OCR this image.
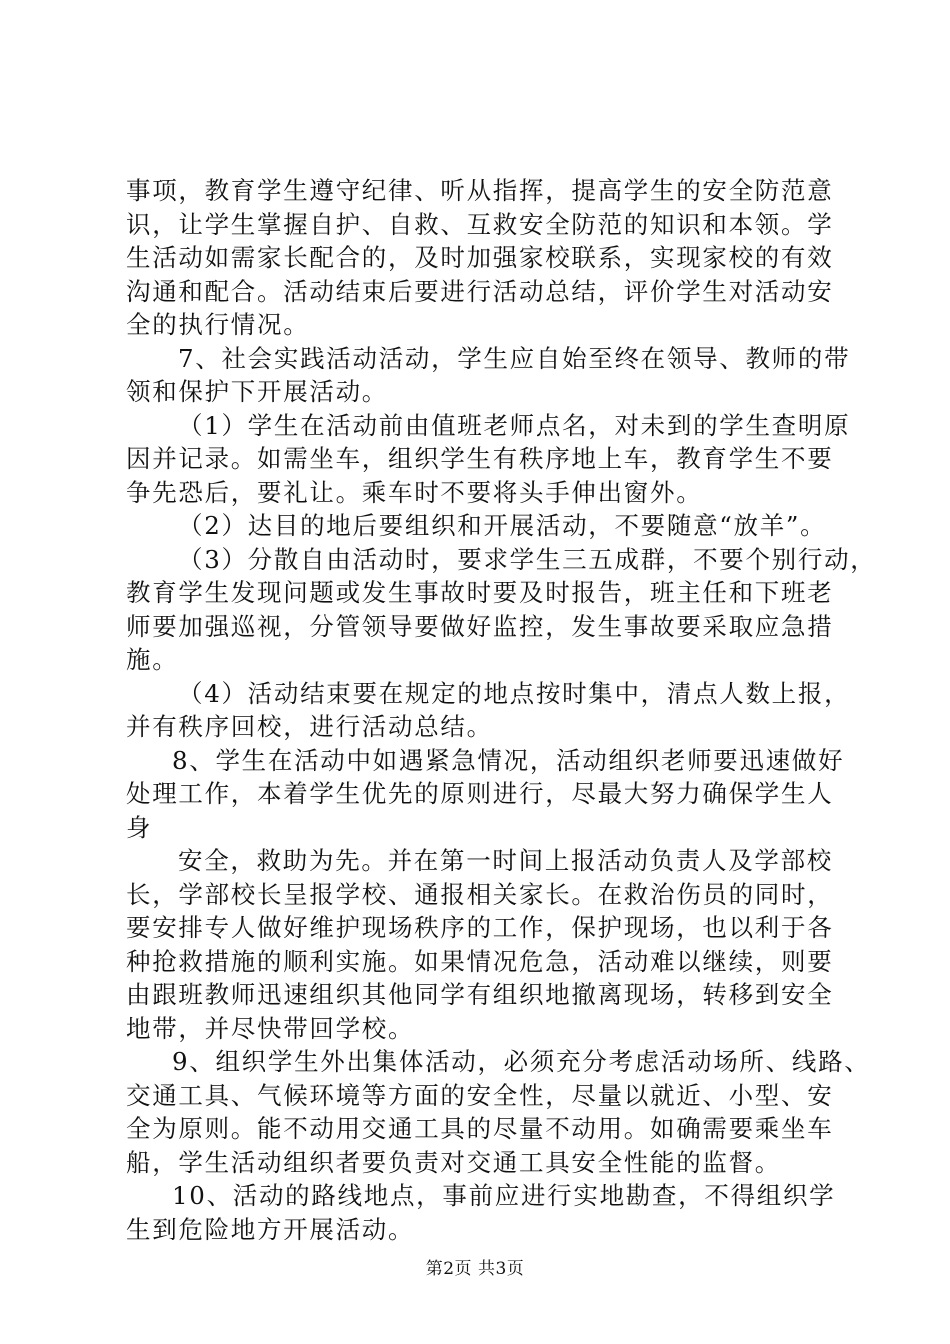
事项，教育学生遵守纪律、听从指挥，提高学生的安全防范意
识，让学生掌握自护、自救、互救安全防范的知识和本领。学
生活动如需家长配合的，及时加强家校联系，实现家校的有效
沟通和配合。活动结束后要进行活动总结，评价学生对活动安
全的执行情况。
7、社会实践活动活动，学生应自始至终在领导、教师的带
领和保护下开展活动。
（1）学生在活动前由值班老师点名，对未到的学生查明原
因并记录。如需坐车，组织学生有秩序地上车，教育学生不要
争先恐后，要礼让。乘车时不要将头手伸出窗外。
（2）达目的地后要组织和开展活动，不要随意“放羊”。
（3）分散自由活动时，要求学生三五成群，不要个别行动，
教育学生发现问题或发生事故时要及时报告，班主任和下班老
师要加强巡视，分管领导要做好监控，发生事故要采取应急措
施。
（4）活动结束要在规定的地点按时集中，清点人数上报，
并有秩序回校，进行活动总结。
8、学生在活动中如遇紧急情况，活动组织老师要迅速做好
处理工作，本着学生优先的原则进行，尽最大努力确保学生人
身
安全，救助为先。并在第一时间上报活动负责人及学部校
长，学部校长呈报学校、通报相关家长。在救治伤员的同时，
要安排专人做好维护现场秩序的工作，保护现场，也以利于各
种抢救措施的顺利实施。如果情况危急，活动难以继续，则要
由跟班教师迅速组织其他同学有组织地撤离现场，转移到安全
地带，并尽快带回学校。
9、组织学生外出集体活动，必须充分考虑活动场所、线路、
交通工具、气候环境等方面的安全性，尽量以就近、小型、安
全为原则。能不动用交通工具的尽量不动用。如确需要乘坐车
船，学生活动组织者要负责对交通工具安全性能的监督。
10、活动的路线地点，事前应进行实地勘查，不得组织学
生到危险地方开展活动。
第2页 共3页
